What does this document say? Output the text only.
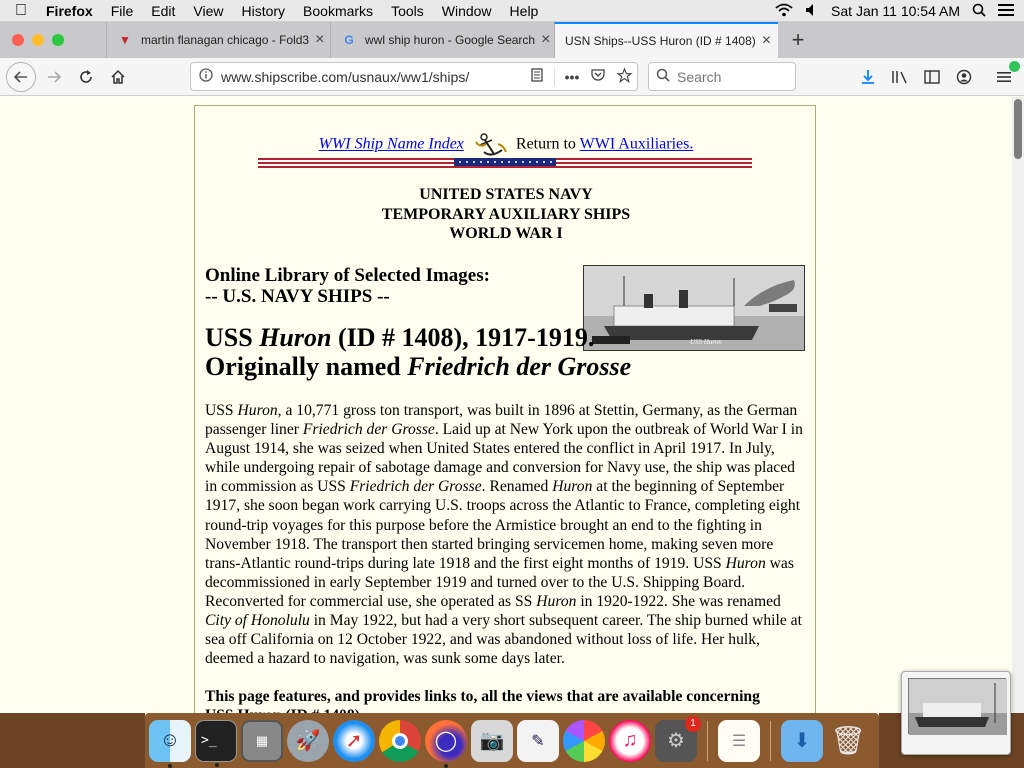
Firefox	File	Edit	View	History	Bookmarks	Tools	Window	Help	Sat Jan 11 10:54 AM
▼ martin flanagan chicago - Fold3 × G wwl ship huron - Google Search × USN Ships--USS Huron (ID # 1408) × +
www.shipscribe.com/usnaux/ww1/ships/	•••	Search
WWI Ship Name Index	Return to WWI Auxiliaries.
UNITED STATES NAVY
TEMPORARY AUXILIARY SHIPS
WORLD WAR I
Online Library of Selected Images:
-- U.S. NAVY SHIPS --
USS Huron
USS Huron (ID # 1408), 1917-1919.
Originally named Friedrich der Grosse
USS Huron, a 10,771 gross ton transport, was built in 1896 at Stettin, Germany, as the German passenger liner Friedrich der Grosse. Laid up at New York upon the outbreak of World War I in August 1914, she was seized when United States entered the conflict in April 1917. In July, while undergoing repair of sabotage damage and conversion for Navy use, the ship was placed in commission as USS Friedrich der Grosse. Renamed Huron at the beginning of September 1917, she soon began work carrying U.S. troops across the Atlantic to France, completing eight round-trip voyages for this purpose before the Armistice brought an end to the fighting in November 1918. The transport then started bringing servicemen home, making seven more trans-Atlantic round-trips during late 1918 and the first eight months of 1919. USS Huron was decommissioned in early September 1919 and turned over to the U.S. Shipping Board. Reconverted for commercial use, she operated as SS Huron in 1920-1922. She was renamed City of Honolulu in May 1922, but had a very short subsequent career. The ship burned while at sea off California on 12 October 1922, and was abandoned without loss of life. Her hulk, deemed a hazard to navigation, was sunk some days later.
This page features, and provides links to, all the views that are available concerning
☺	>_	▦	🚀	➚	◯	📷	✎	♫	⚙
1
☰	⬇ 🗑
